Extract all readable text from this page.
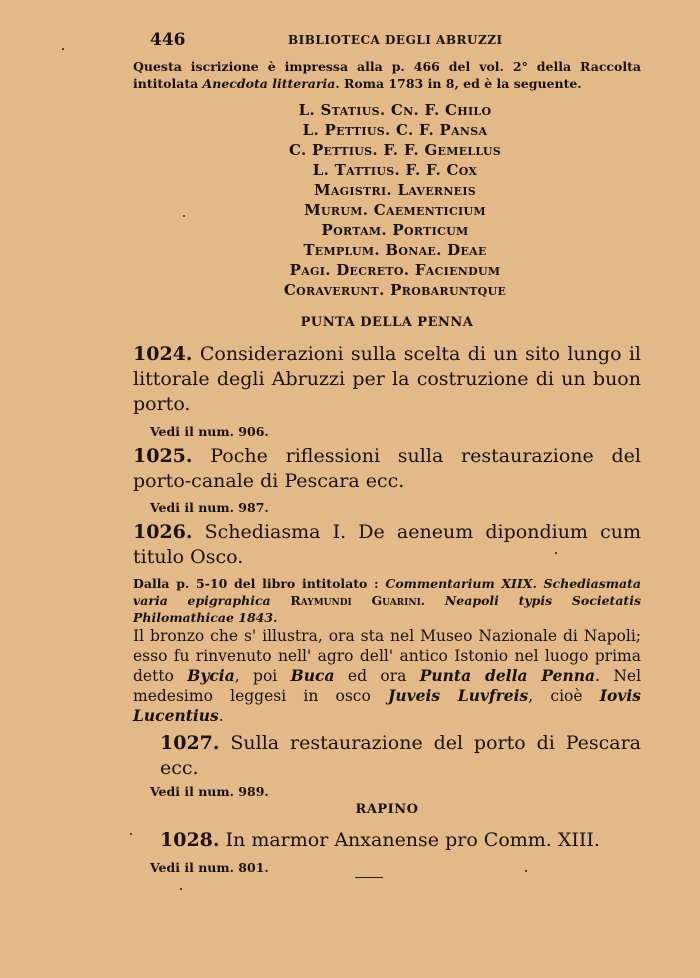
446	BIBLIOTECA DEGLI ABRUZZI
Questa iscrizione è impressa alla p. 466 del vol. 2° della Raccolta intitolata Anecdota litteraria. Roma 1783 in 8, ed è la seguente.
L. Statius. Cn. F. Chilo
L. Pettius. C. F. Pansa
C. Pettius. F. F. Gemellus
L. Tattius. F. F. Cox
Magistri. Laverneis
Murum. Caementicium
Portam. Porticum
Templum. Bonae. Deae
Pagi. Decreto. Faciendum
Coraverunt. Probaruntque
PUNTA DELLA PENNA
1024. Considerazioni sulla scelta di un sito lungo il littorale degli Abruzzi per la costruzione di un buon porto.
Vedi il num. 906.
1025. Poche riflessioni sulla restaurazione del porto-canale di Pescara ecc.
Vedi il num. 987.
1026. Schediasma I. De aeneum dipondium cum titulo Osco.
Dalla p. 5-10 del libro intitolato : Commentarium XIIX. Schediasmata varia epigraphica Raymundi Guarini. Neapoli typis Societatis Philomathicae 1843.
Il bronzo che s' illustra, ora sta nel Museo Nazionale di Napoli; esso fu rinvenuto nell' agro dell' antico Istonio nel luogo prima detto Bycia, poi Buca ed ora Punta della Penna. Nel medesimo leggesi in osco Juveis Luvfreis, cioè Iovis Lucentius.
1027. Sulla restaurazione del porto di Pescara ecc.
Vedi il num. 989.
RAPINO
1028. In marmor Anxanense pro Comm. XIII.
Vedi il num. 801.
